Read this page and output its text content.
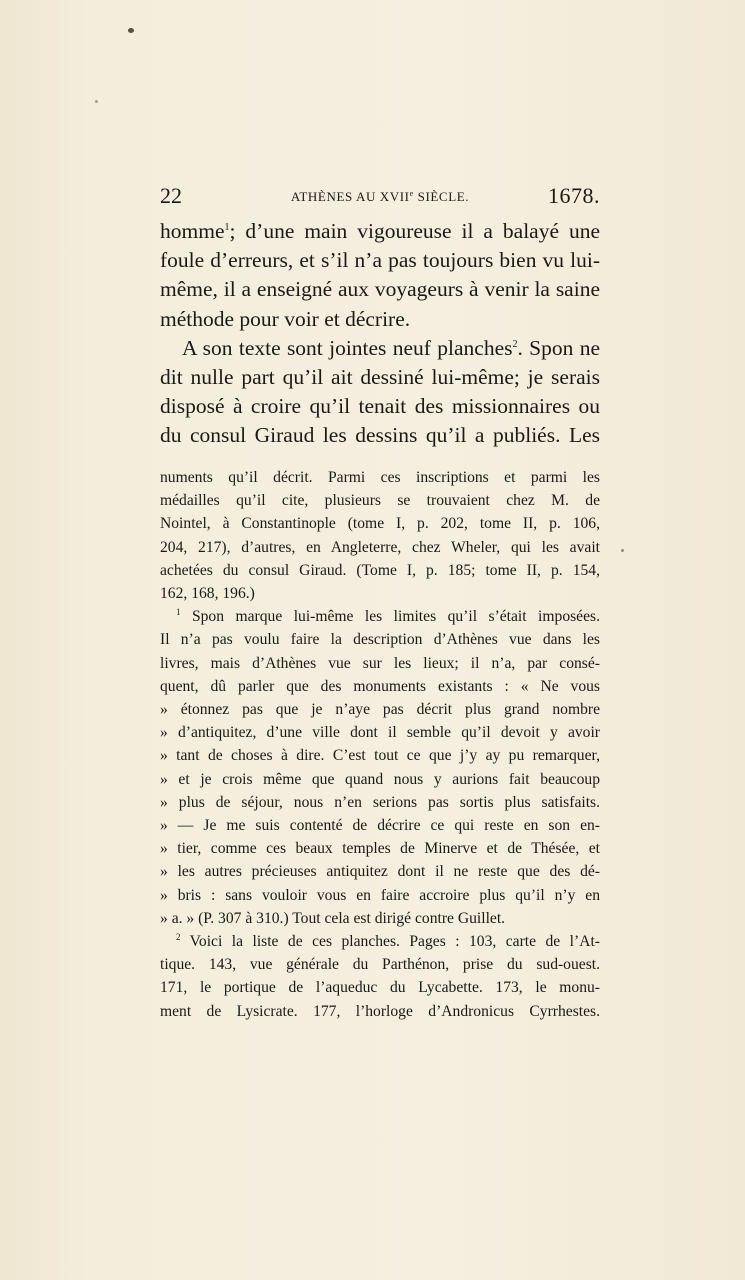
22	ATHÈNES AU XVIIe SIÈCLE.	1678.
homme$^1$; d’une main vigoureuse il a balayé une
foule d’erreurs, et s’il n’a pas toujours bien vu lui-
même, il a enseigné aux voyageurs à venir la saine
méthode pour voir et décrire.
A son texte sont jointes neuf planches$^2$. Spon ne
dit nulle part qu’il ait dessiné lui-même; je serais
disposé à croire qu’il tenait des missionnaires ou
du consul Giraud les dessins qu’il a publiés. Les
numents qu’il décrit. Parmi ces inscriptions et parmi les
médailles qu’il cite, plusieurs se trouvaient chez M. de
Nointel, à Constantinople (tome I, p. 202, tome II, p. 106,
204, 217), d’autres, en Angleterre, chez Wheler, qui les avait
achetées du consul Giraud. (Tome I, p. 185; tome II, p. 154,
162, 168, 196.)
$^1$ Spon marque lui-même les limites qu’il s’était imposées.
Il n’a pas voulu faire la description d’Athènes vue dans les
livres, mais d’Athènes vue sur les lieux; il n’a, par consé-
quent, dû parler que des monuments existants : « Ne vous
» étonnez pas que je n’aye pas décrit plus grand nombre
» d’antiquitez, d’une ville dont il semble qu’il devoit y avoir
» tant de choses à dire. C’est tout ce que j’y ay pu remarquer,
» et je crois même que quand nous y aurions fait beaucoup
» plus de séjour, nous n’en serions pas sortis plus satisfaits.
» — Je me suis contenté de décrire ce qui reste en son en-
» tier, comme ces beaux temples de Minerve et de Thésée, et
» les autres précieuses antiquitez dont il ne reste que des dé-
» bris : sans vouloir vous en faire accroire plus qu’il n’y en
» a. » (P. 307 à 310.) Tout cela est dirigé contre Guillet.
$^2$ Voici la liste de ces planches. Pages : 103, carte de l’At-
tique. 143, vue générale du Parthénon, prise du sud-ouest.
171, le portique de l’aqueduc du Lycabette. 173, le monu-
ment de Lysicrate. 177, l’horloge d’Andronicus Cyrrhestes.
